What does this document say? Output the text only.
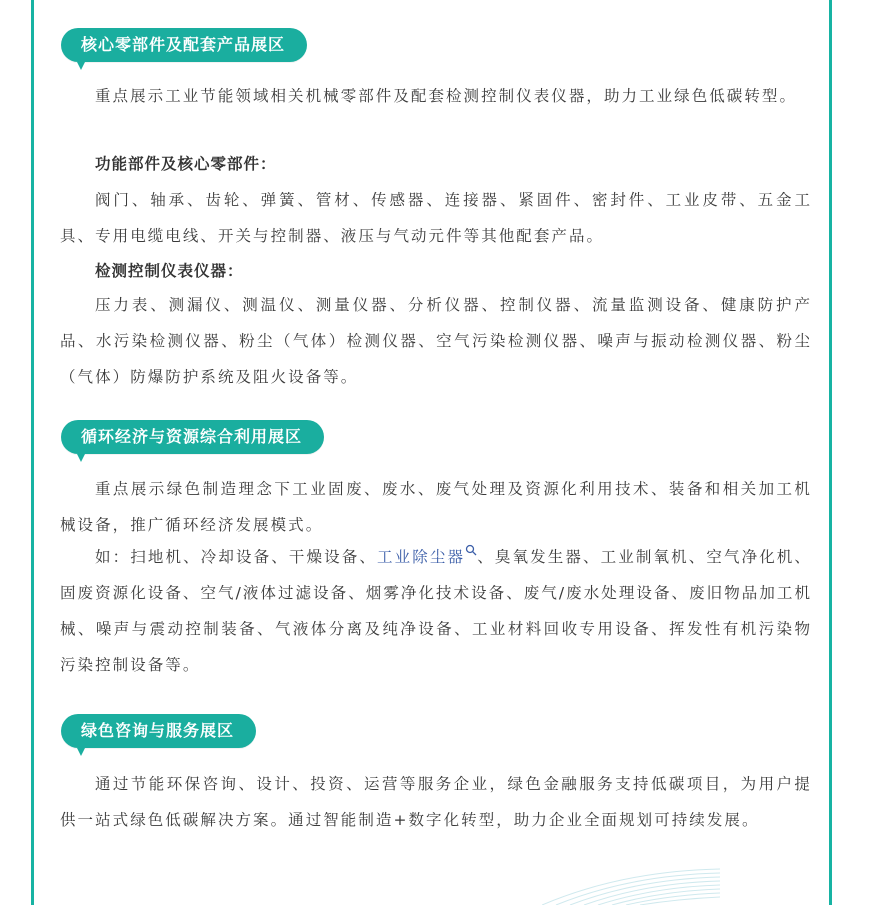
核心零部件及配套产品展区
重点展示工业节能领域相关机械零部件及配套检测控制仪表仪器，助力工业绿色低碳转型。
功能部件及核心零部件：
阀门、轴承、齿轮、弹簧、管材、传感器、连接器、紧固件、密封件、工业皮带、五金工具、专用电缆电线、开关与控制器、液压与气动元件等其他配套产品。
检测控制仪表仪器：
压力表、测漏仪、测温仪、测量仪器、分析仪器、控制仪器、流量监测设备、健康防护产品、水污染检测仪器、粉尘（气体）检测仪器、空气污染检测仪器、噪声与振动检测仪器、粉尘（气体）防爆防护系统及阻火设备等。
循环经济与资源综合利用展区
重点展示绿色制造理念下工业固废、废水、废气处理及资源化利用技术、装备和相关加工机械设备，推广循环经济发展模式。
如：扫地机、冷却设备、干燥设备、工业除尘器 、臭氧发生器、工业制氧机、空气净化机、固废资源化设备、空气/液体过滤设备、烟雾净化技术设备、废气/废水处理设备、废旧物品加工机械、噪声与震动控制装备、气液体分离及纯净设备、工业材料回收专用设备、挥发性有机污染物污染控制设备等。
绿色咨询与服务展区
通过节能环保咨询、设计、投资、运营等服务企业，绿色金融服务支持低碳项目，为用户提供一站式绿色低碳解决方案。通过智能制造+数字化转型，助力企业全面规划可持续发展。
